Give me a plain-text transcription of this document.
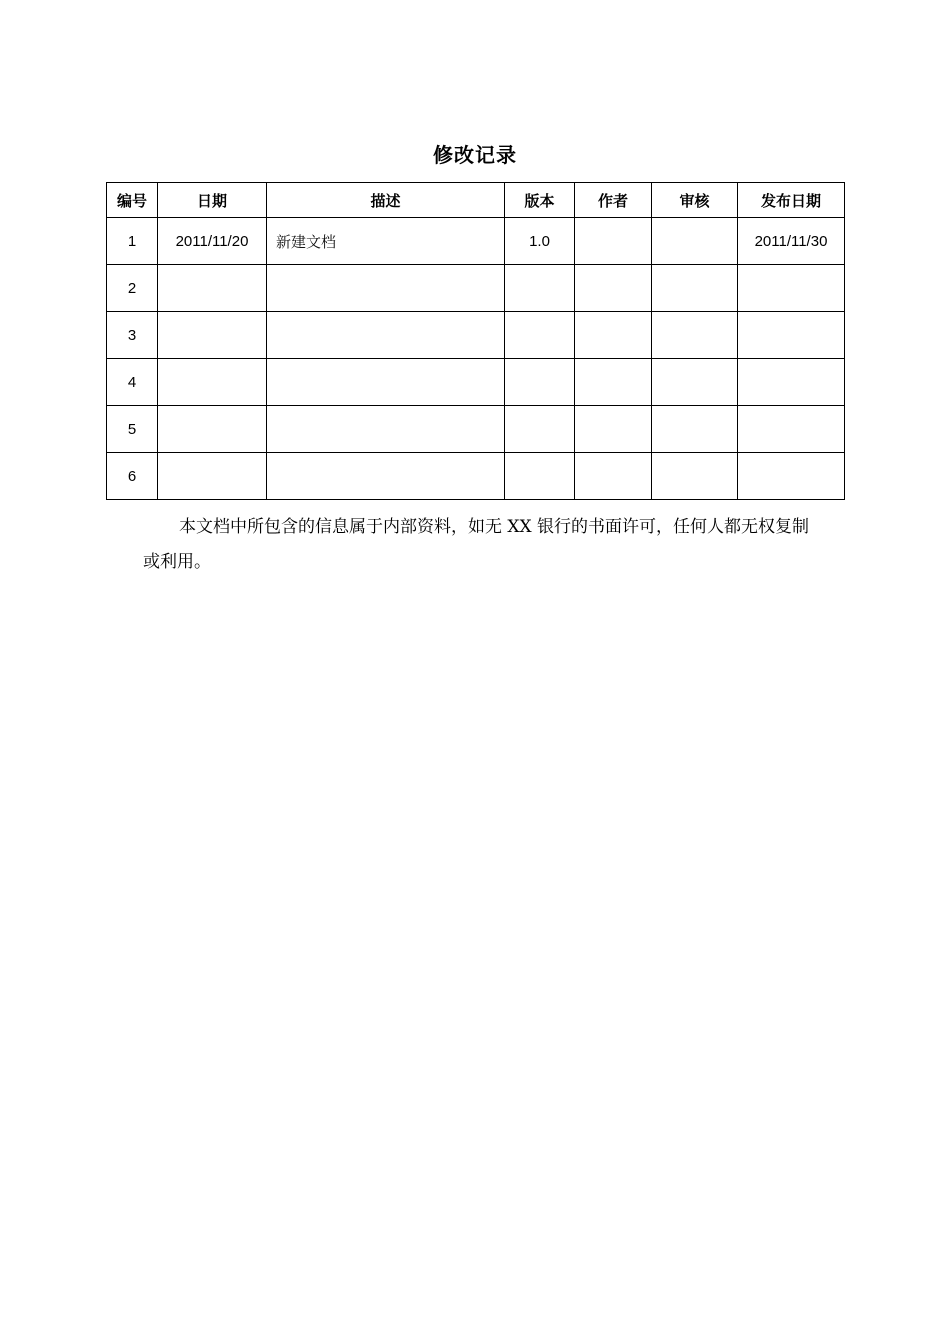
修改记录
编号	日期	描述	版本	作者	审核	发布日期
1	2011/11/20	新建文档	1.0			2011/11/30
2						
3						
4						
5						
6						

本文档中所包含的信息属于内部资料，如无 XX 银行的书面许可，任何人都无权复制或利用。
